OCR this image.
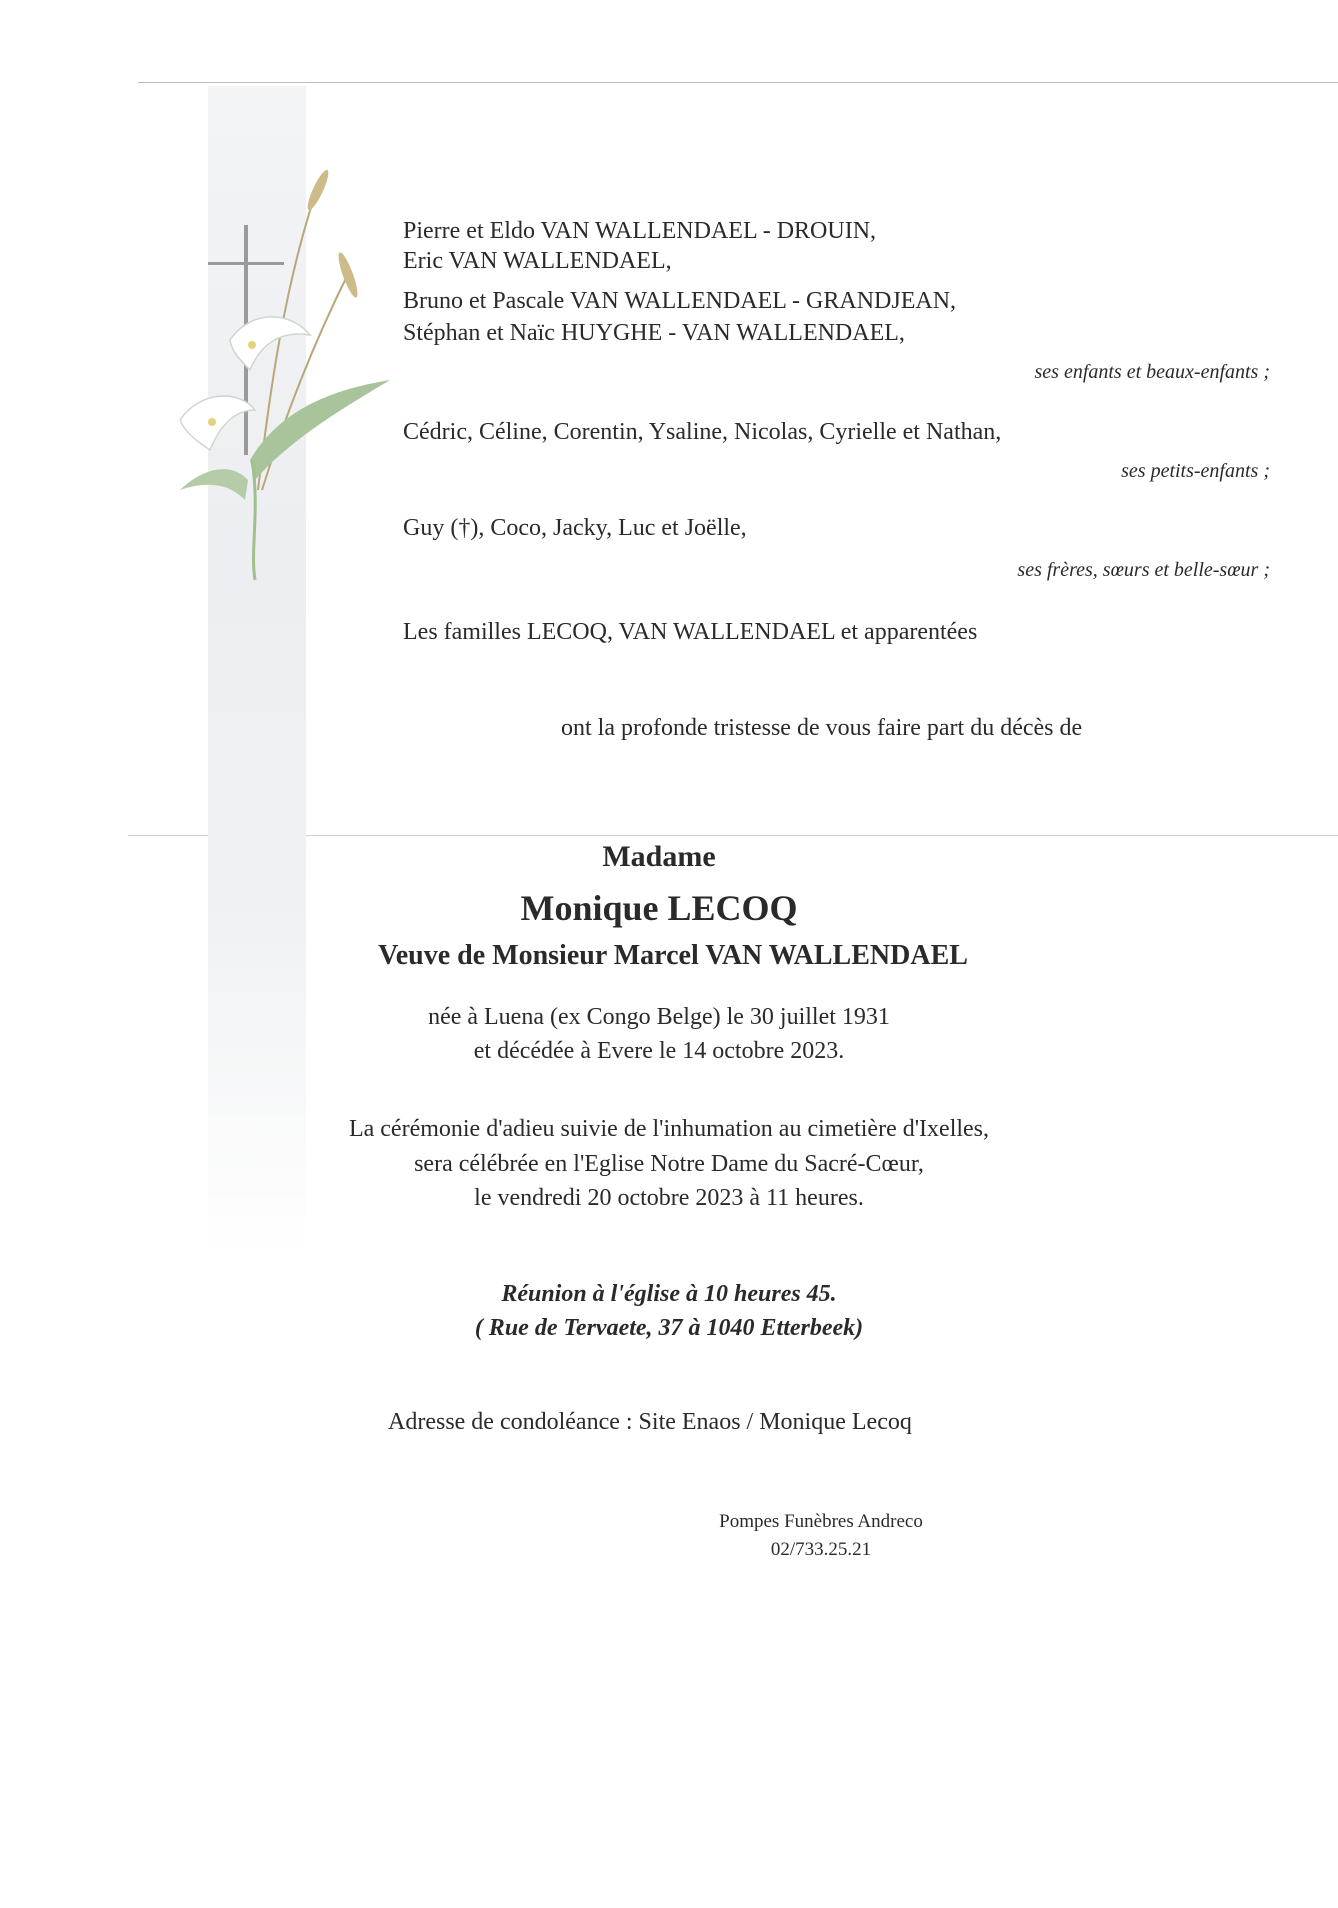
Pierre et Eldo VAN WALLENDAEL - DROUIN,
Eric VAN WALLENDAEL,
Bruno et Pascale VAN WALLENDAEL - GRANDJEAN,
Stéphan et Naïc HUYGHE - VAN WALLENDAEL,
ses enfants et beaux-enfants ;
Cédric, Céline, Corentin, Ysaline, Nicolas, Cyrielle et Nathan,
ses petits-enfants ;
Guy (†), Coco, Jacky, Luc et Joëlle,
ses frères, sœurs et belle-sœur ;
Les familles LECOQ, VAN WALLENDAEL et apparentées
ont la profonde tristesse de vous faire part du décès de
Madame
Monique LECOQ
Veuve de Monsieur Marcel VAN WALLENDAEL
née à Luena (ex Congo Belge) le 30 juillet 1931
et décédée à Evere le 14 octobre 2023.
La cérémonie d'adieu suivie de l'inhumation au cimetière d'Ixelles,
sera célébrée en l'Eglise Notre Dame du Sacré-Cœur,
le vendredi 20 octobre 2023 à 11 heures.
Réunion à l'église à 10 heures 45.
( Rue de Tervaete, 37 à 1040 Etterbeek)
Adresse de condoléance : Site Enaos / Monique Lecoq
Pompes Funèbres Andreco
02/733.25.21
